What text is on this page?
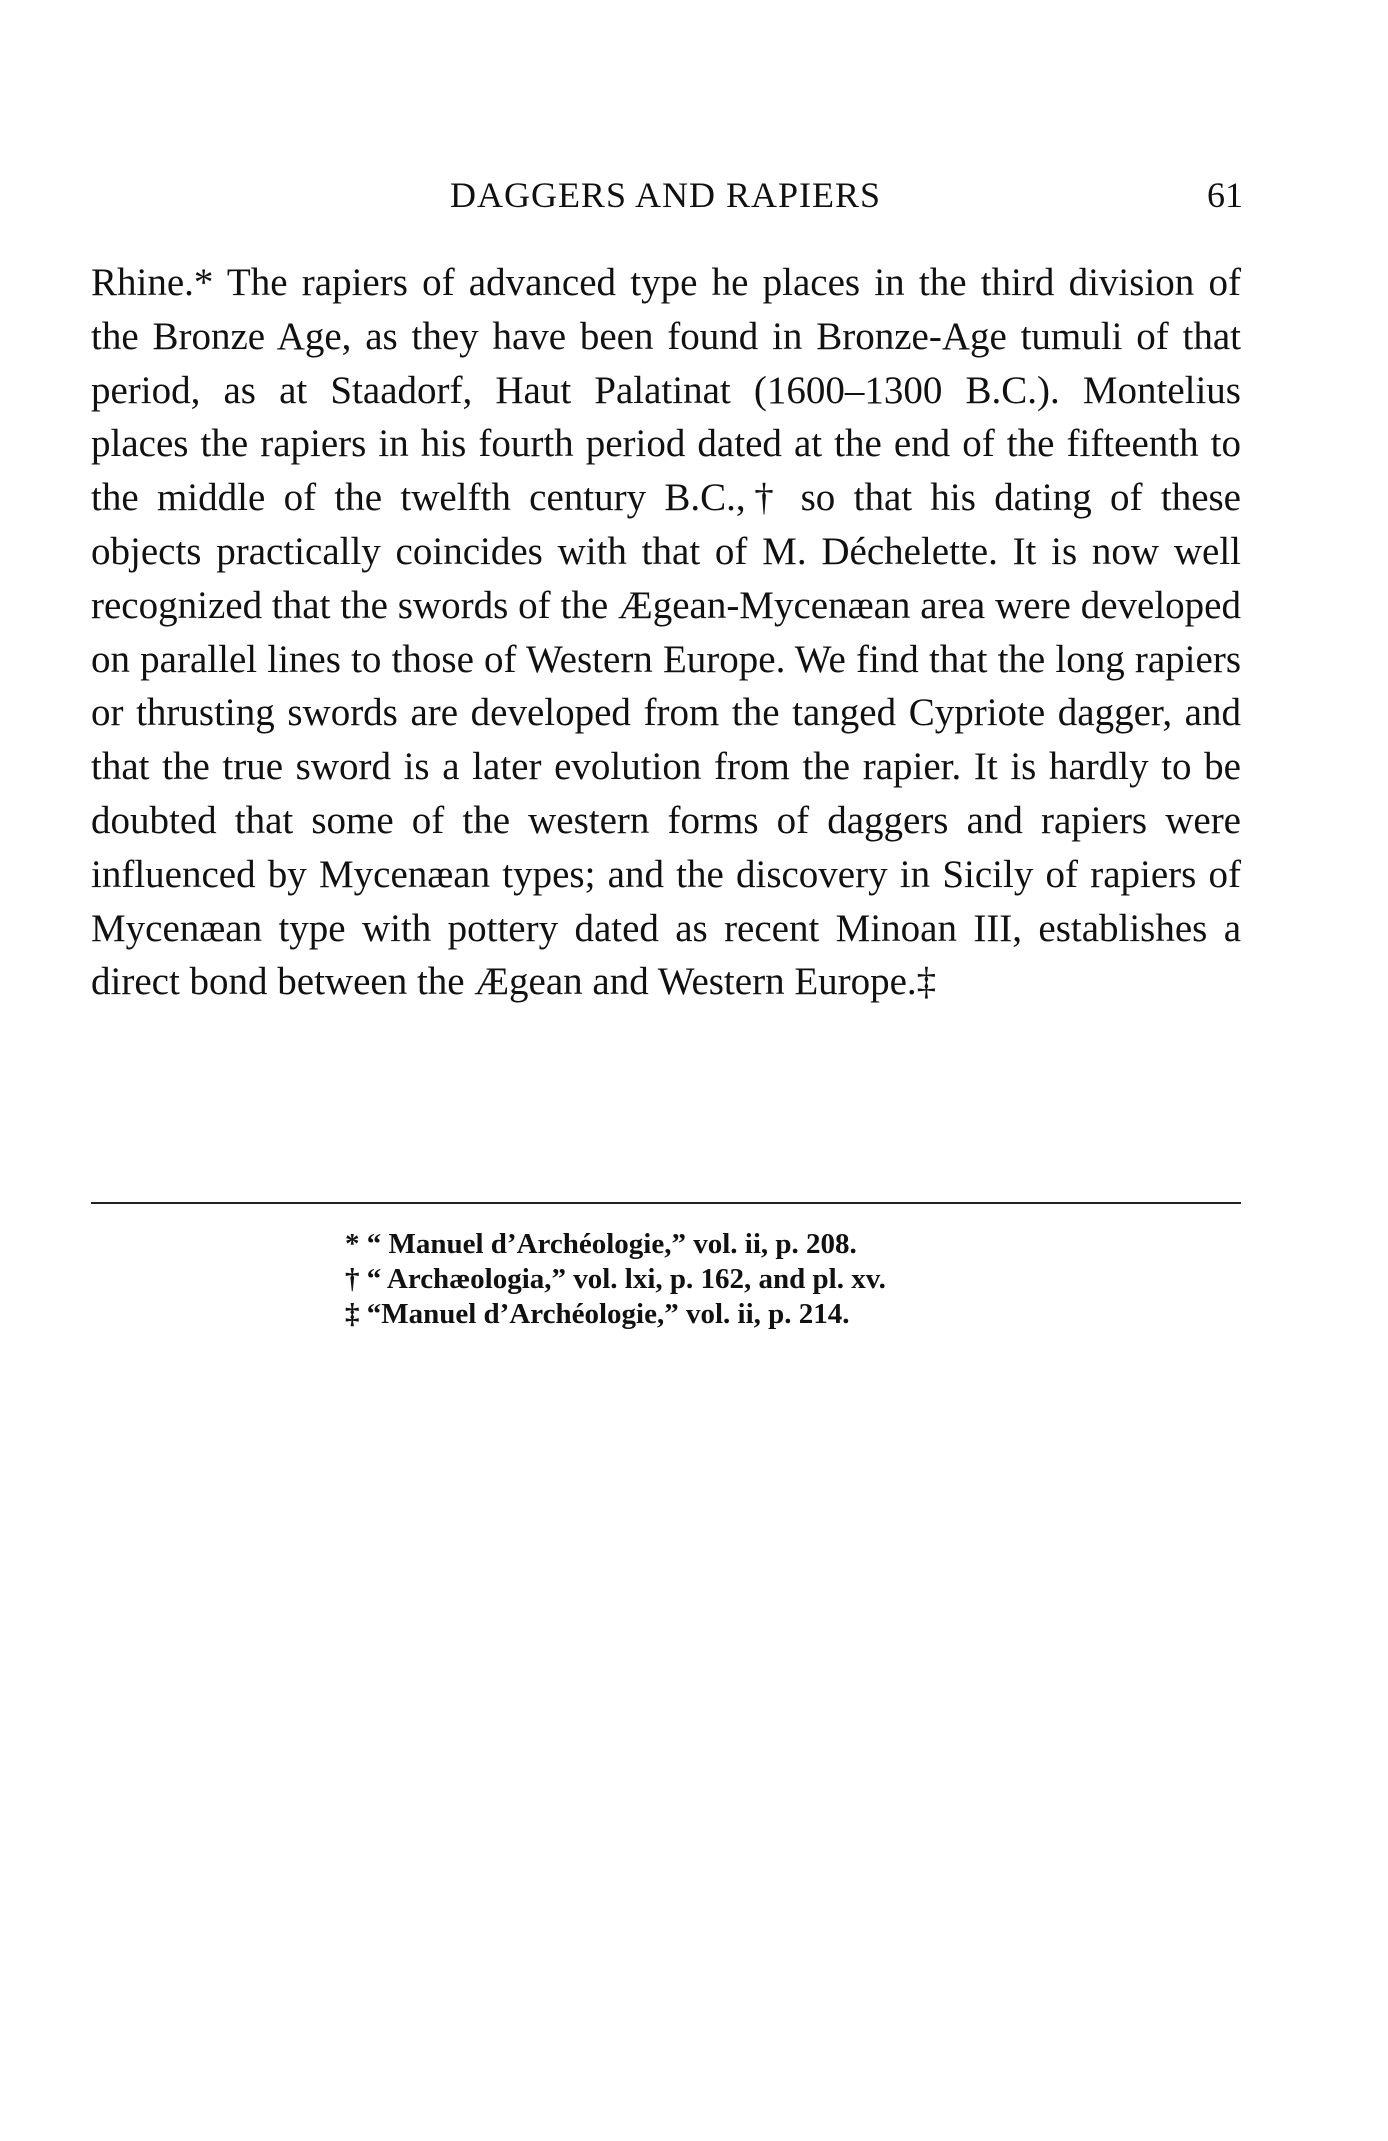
DAGGERS AND RAPIERS	61

Rhine.* The rapiers of advanced type he places in the third division of the Bronze Age, as they have been found in Bronze-Age tumuli of that period, as at Staadorf, Haut Palatinat (1600–1300 B.C.). Montelius places the rapiers in his fourth period dated at the end of the fifteenth to the middle of the twelfth century B.C.,† so that his dating of these objects practically coincides with that of M. Déchelette. It is now well recognized that the swords of the Ægean-Mycenæan area were developed on parallel lines to those of Western Europe. We find that the long rapiers or thrusting swords are developed from the tanged Cypriote dagger, and that the true sword is a later evolution from the rapier. It is hardly to be doubted that some of the western forms of daggers and rapiers were influenced by Mycenæan types; and the discovery in Sicily of rapiers of Mycenæan type with pottery dated as recent Minoan III, establishes a direct bond between the Ægean and Western Europe.‡

* “ Manuel d’Archéologie,” vol. ii, p. 208.
† “ Archæologia,” vol. lxi, p. 162, and pl. xv.
‡ “Manuel d’Archéologie,” vol. ii, p. 214.
